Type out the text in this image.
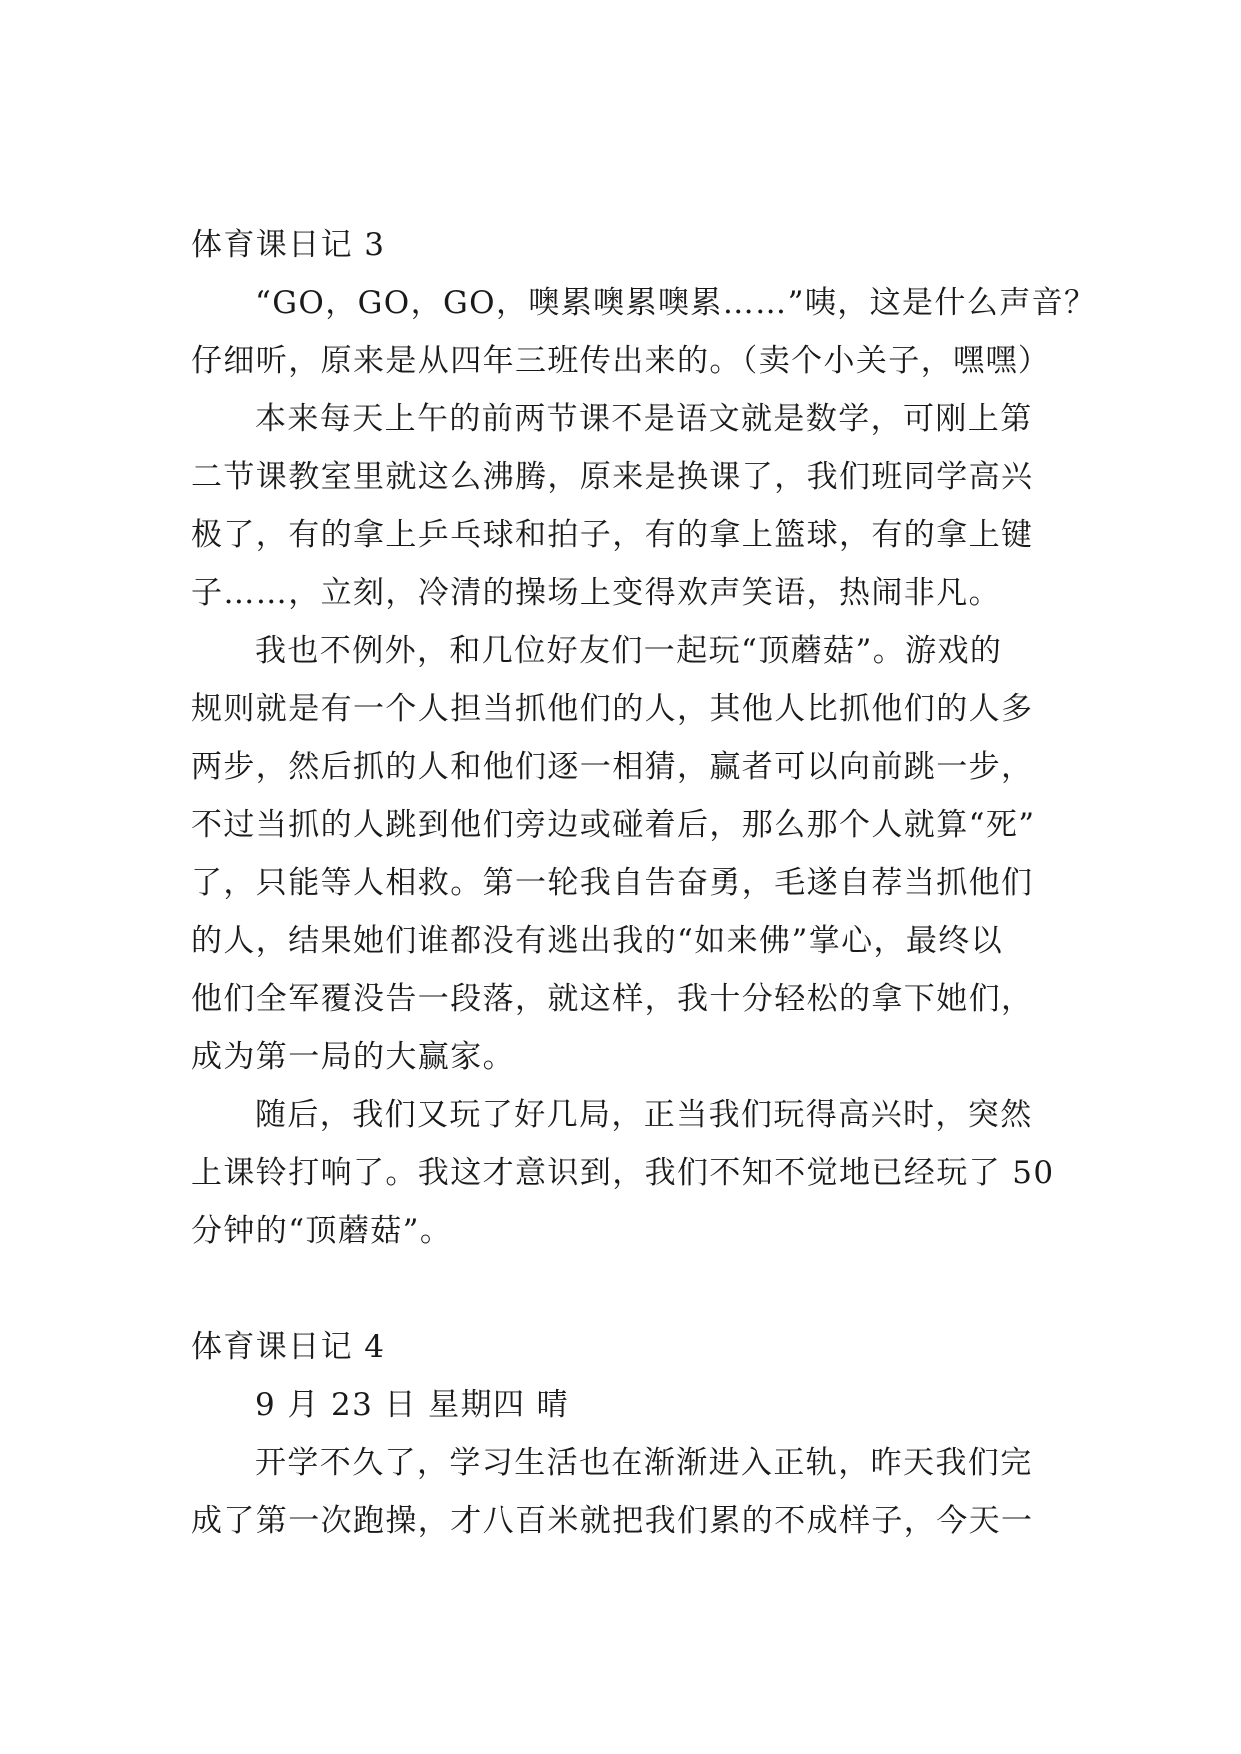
体育课日记 3
“GO，GO，GO，噢累噢累噢累……”咦，这是什么声音？
仔细听，原来是从四年三班传出来的。（卖个小关子，嘿嘿）
本来每天上午的前两节课不是语文就是数学，可刚上第
二节课教室里就这么沸腾，原来是换课了，我们班同学高兴
极了，有的拿上乒乓球和拍子，有的拿上篮球，有的拿上键
子……，立刻，冷清的操场上变得欢声笑语，热闹非凡。
我也不例外，和几位好友们一起玩“顶蘑菇”。游戏的
规则就是有一个人担当抓他们的人，其他人比抓他们的人多
两步，然后抓的人和他们逐一相猜，赢者可以向前跳一步，
不过当抓的人跳到他们旁边或碰着后，那么那个人就算“死”
了，只能等人相救。第一轮我自告奋勇，毛遂自荐当抓他们
的人，结果她们谁都没有逃出我的“如来佛”掌心，最终以
他们全军覆没告一段落，就这样，我十分轻松的拿下她们，
成为第一局的大赢家。
随后，我们又玩了好几局，正当我们玩得高兴时，突然
上课铃打响了。我这才意识到，我们不知不觉地已经玩了 50
分钟的“顶蘑菇”。
体育课日记 4
9 月 23 日 星期四 晴
开学不久了，学习生活也在渐渐进入正轨，昨天我们完
成了第一次跑操，才八百米就把我们累的不成样子，今天一
